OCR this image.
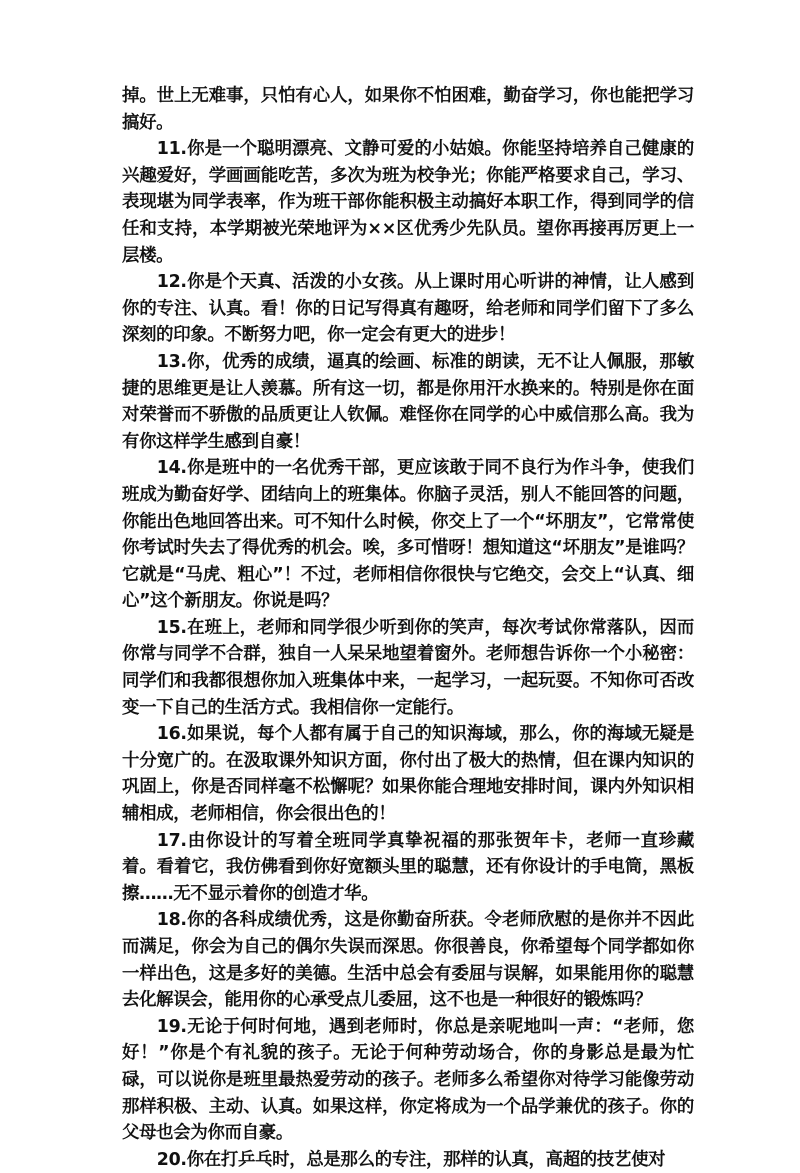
掉。世上无难事，只怕有心人，如果你不怕困难，勤奋学习，你也能把学习搞好。

11.你是一个聪明漂亮、文静可爱的小姑娘。你能坚持培养自己健康的兴趣爱好，学画画能吃苦，多次为班为校争光；你能严格要求自己，学习、表现堪为同学表率，作为班干部你能积极主动搞好本职工作，得到同学的信任和支持，本学期被光荣地评为××区优秀少先队员。望你再接再厉更上一层楼。

12.你是个天真、活泼的小女孩。从上课时用心听讲的神情，让人感到你的专注、认真。看！你的日记写得真有趣呀，给老师和同学们留下了多么深刻的印象。不断努力吧，你一定会有更大的进步！

13.你，优秀的成绩，逼真的绘画、标准的朗读，无不让人佩服，那敏捷的思维更是让人羡慕。所有这一切，都是你用汗水换来的。特别是你在面对荣誉而不骄傲的品质更让人钦佩。难怪你在同学的心中威信那么高。我为有你这样学生感到自豪！

14.你是班中的一名优秀干部，更应该敢于同不良行为作斗争，使我们班成为勤奋好学、团结向上的班集体。你脑子灵活，别人不能回答的问题，你能出色地回答出来。可不知什么时候，你交上了一个“坏朋友”，它常常使你考试时失去了得优秀的机会。唉，多可惜呀！想知道这“坏朋友”是谁吗？它就是“马虎、粗心”！不过，老师相信你很快与它绝交，会交上“认真、细心”这个新朋友。你说是吗？

15.在班上，老师和同学很少听到你的笑声，每次考试你常落队，因而你常与同学不合群，独自一人呆呆地望着窗外。老师想告诉你一个小秘密：同学们和我都很想你加入班集体中来，一起学习，一起玩耍。不知你可否改变一下自己的生活方式。我相信你一定能行。

16.如果说，每个人都有属于自己的知识海域，那么，你的海域无疑是十分宽广的。在汲取课外知识方面，你付出了极大的热情，但在课内知识的巩固上，你是否同样毫不松懈呢？如果你能合理地安排时间，课内外知识相辅相成，老师相信，你会很出色的！

17.由你设计的写着全班同学真挚祝福的那张贺年卡，老师一直珍藏着。看着它，我仿佛看到你好宽额头里的聪慧，还有你设计的手电筒，黑板擦……无不显示着你的创造才华。

18.你的各科成绩优秀，这是你勤奋所获。令老师欣慰的是你并不因此而满足，你会为自己的偶尔失误而深思。你很善良，你希望每个同学都如你一样出色，这是多好的美德。生活中总会有委屈与误解，如果能用你的聪慧去化解误会，能用你的心承受点儿委屈，这不也是一种很好的锻炼吗？

19.无论于何时何地，遇到老师时，你总是亲呢地叫一声：“老师，您好！”你是个有礼貌的孩子。无论于何种劳动场合，你的身影总是最为忙碌，可以说你是班里最热爱劳动的孩子。老师多么希望你对待学习能像劳动那样积极、主动、认真。如果这样，你定将成为一个品学兼优的孩子。你的父母也会为你而自豪。

20.你在打乒乓时，总是那么的专注，那样的认真，高超的技艺使对
